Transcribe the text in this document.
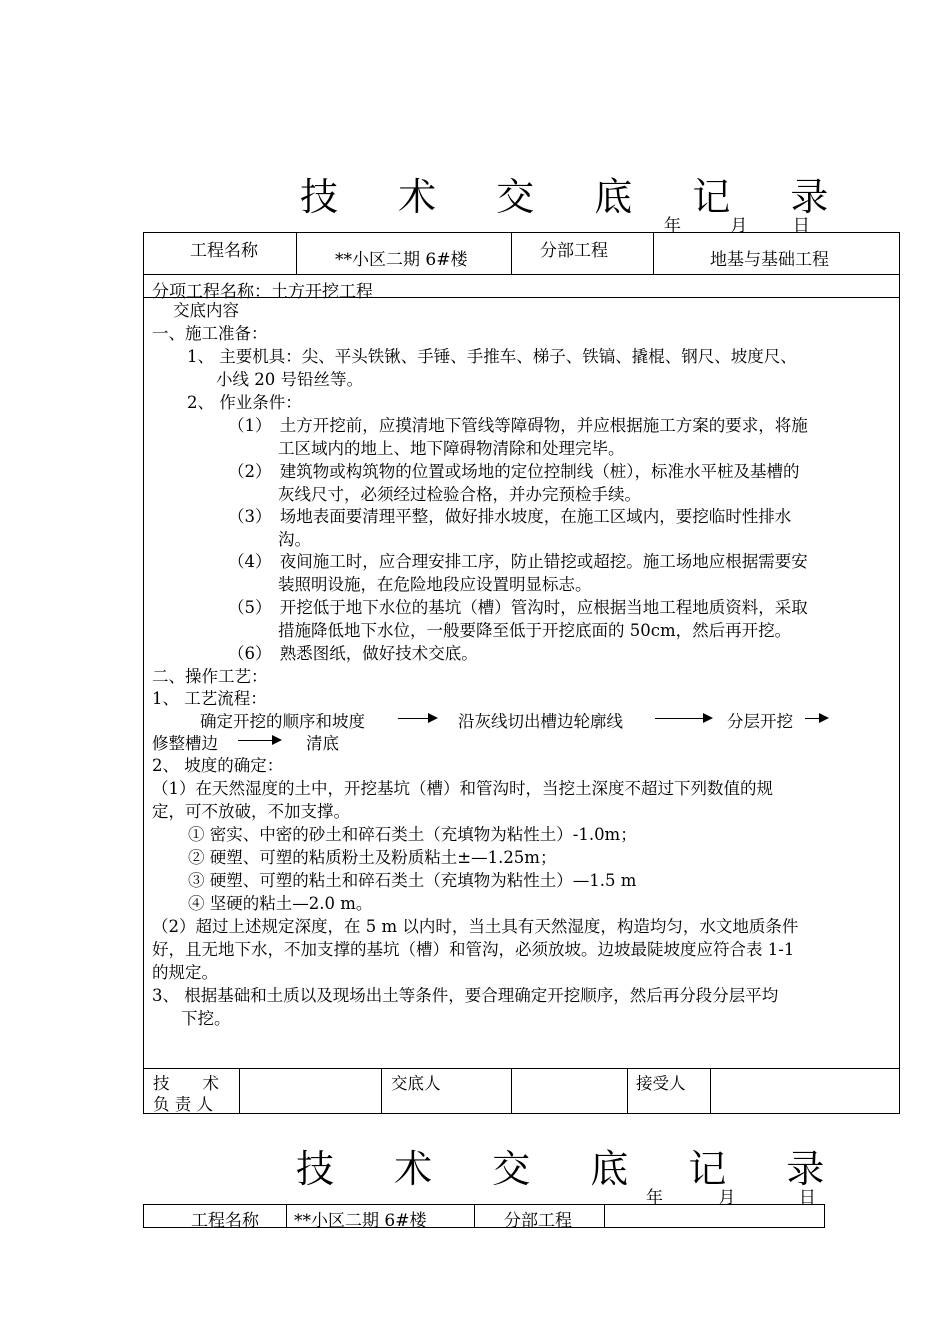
技 术 交 底 记 录
年	月	日
工程名称	**小区二期 6#楼	分部工程	地基与基础工程
分项工程名称：土方开挖工程
交底内容
一、施工准备：
1、 主要机具：尖、平头铁锹、手锤、手推车、梯子、铁镐、撬棍、钢尺、坡度尺、
小线 20 号铅丝等。
2、 作业条件：
（1）　土方开挖前，应摸清地下管线等障碍物，并应根据施工方案的要求，将施
工区域内的地上、地下障碍物清除和处理完毕。
（2）　建筑物或构筑物的位置或场地的定位控制线（桩），标准水平桩及基槽的
灰线尺寸，必须经过检验合格，并办完预检手续。
（3）　场地表面要清理平整，做好排水坡度，在施工区域内，要挖临时性排水
沟。
（4）　夜间施工时，应合理安排工序，防止错挖或超挖。施工场地应根据需要安
装照明设施，在危险地段应设置明显标志。
（5）　开挖低于地下水位的基坑（槽）管沟时，应根据当地工程地质资料，采取
措施降低地下水位，一般要降至低于开挖底面的 50cm，然后再开挖。
（6）　熟悉图纸，做好技术交底。
二、操作工艺：
1、 工艺流程：
确定开挖的顺序和坡度	沿灰线切出槽边轮廓线	分层开挖
修整槽边	清底
2、 坡度的确定：
（1）在天然湿度的土中，开挖基坑（槽）和管沟时，当挖土深度不超过下列数值的规
定，可不放破，不加支撑。
① 密实、中密的砂土和碎石类土（充填物为粘性土）-1.0m；
② 硬塑、可塑的粘质粉土及粉质粘土±—1.25m；
③ 硬塑、可塑的粘土和碎石类土（充填物为粘性土）—1.5 m
④ 坚硬的粘土—2.0 m。
（2）超过上述规定深度，在 5 m 以内时，当土具有天然湿度，构造均匀，水文地质条件
好，且无地下水，不加支撑的基坑（槽）和管沟，必须放坡。边坡最陡坡度应符合表 1-1
的规定。
3、 根据基础和土质以及现场出土等条件，要合理确定开挖顺序，然后再分段分层平均
下挖。
技　　术
负 责 人
交底人	接受人
技 术 交 底 记 录
年	月	日
工程名称 **小区二期 6#楼	分部工程
